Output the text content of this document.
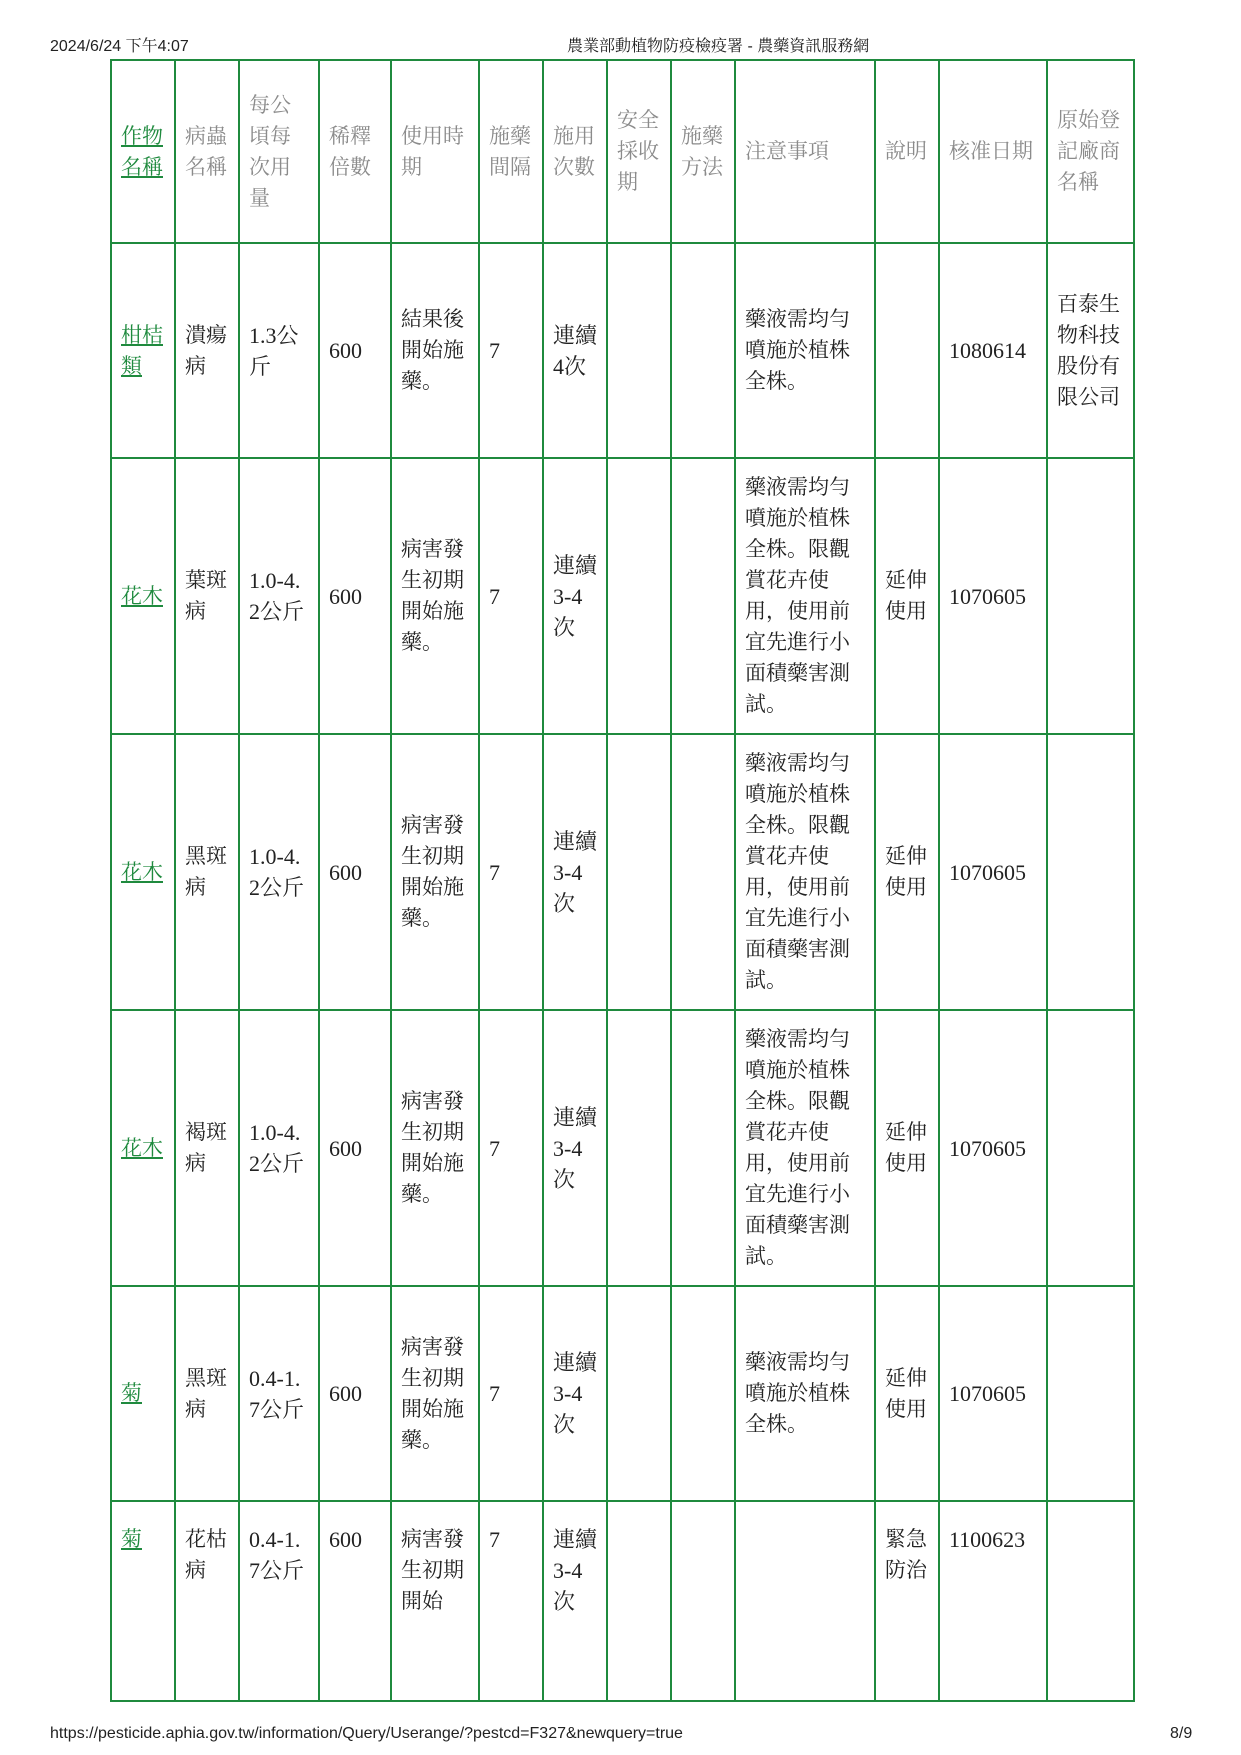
2024/6/24 下午4:07	農業部動植物防疫檢疫署 - 農藥資訊服務網
作物名稱	病蟲名稱	每公頃每次用量	稀釋倍數	使用時期	施藥間隔	施用次數	安全採收期	施藥方法	注意事項	說明	核准日期	原始登記廠商名稱
柑桔類	潰瘍病	1.3公斤	600	結果後開始施藥。	7	連續4次			藥液需均勻噴施於植株全株。		1080614	百泰生物科技股份有限公司
花木	葉斑病	1.0-4.2公斤	600	病害發生初期開始施藥。	7	連續3-4次			藥液需均勻噴施於植株全株。限觀賞花卉使用，使用前宜先進行小面積藥害測試。	延伸使用	1070605	
花木	黑斑病	1.0-4.2公斤	600	病害發生初期開始施藥。	7	連續3-4次			藥液需均勻噴施於植株全株。限觀賞花卉使用，使用前宜先進行小面積藥害測試。	延伸使用	1070605	
花木	褐斑病	1.0-4.2公斤	600	病害發生初期開始施藥。	7	連續3-4次			藥液需均勻噴施於植株全株。限觀賞花卉使用，使用前宜先進行小面積藥害測試。	延伸使用	1070605	
菊	黑斑病	0.4-1.7公斤	600	病害發生初期開始施藥。	7	連續3-4次			藥液需均勻噴施於植株全株。	延伸使用	1070605	
菊	花枯病	0.4-1.7公斤	600	病害發生初期開始	7	連續3-4次				緊急防治	1100623	
https://pesticide.aphia.gov.tw/information/Query/Userange/?pestcd=F327&newquery=true	8/9
